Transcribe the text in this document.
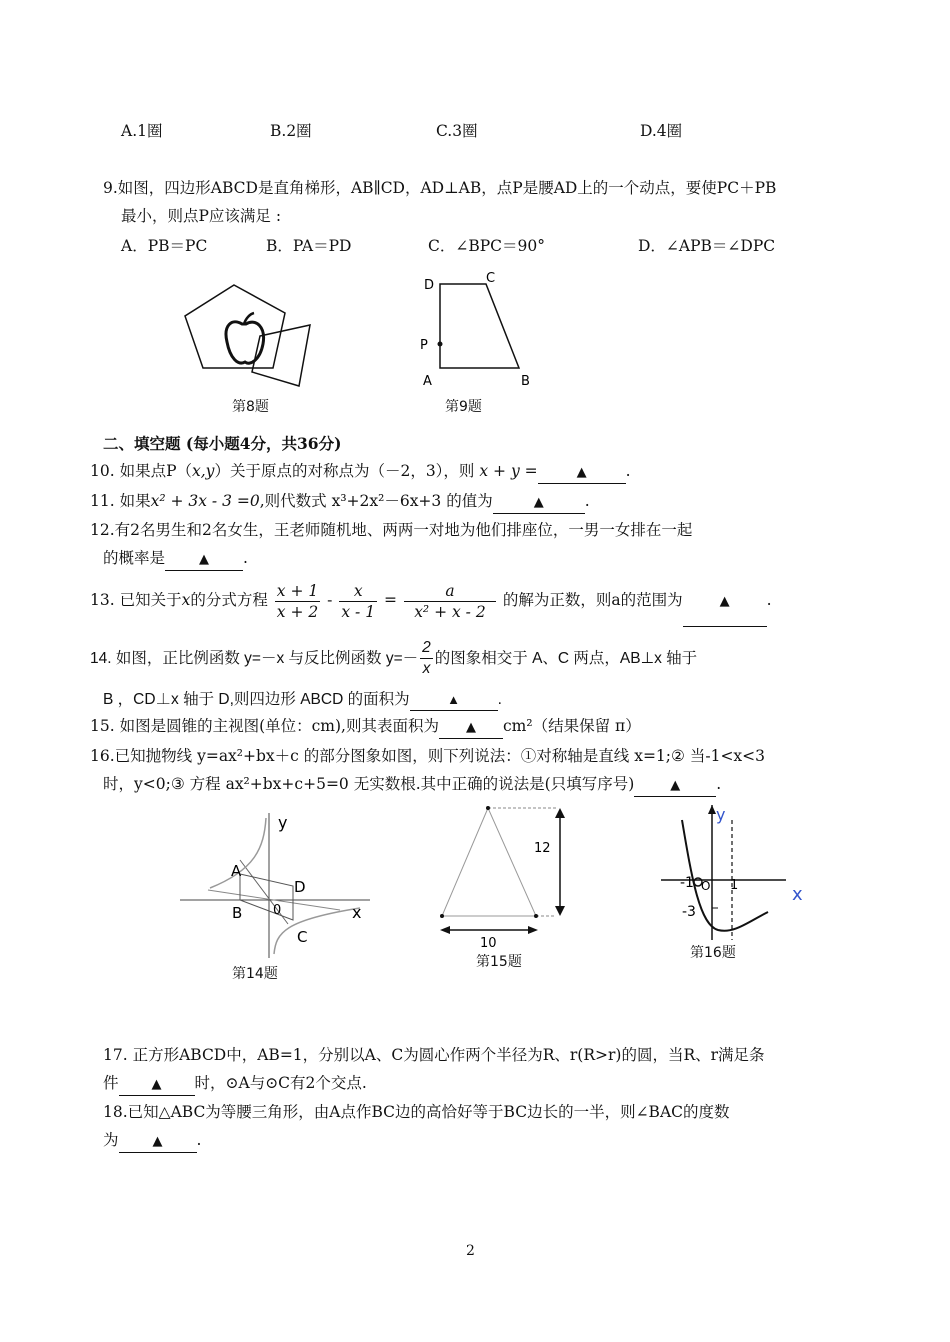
A.1圈	B.2圈	C.3圈	D.4圈
9.如图，四边形ABCD是直角梯形，AB∥CD，AD⊥AB，点P是腰AD上的一个动点，要使PC＋PB
最小，则点P应该满足 :
A．PB＝PC	B．PA＝PD	C．∠BPC＝90°	D．∠APB＝∠DPC
第8题
D	C
P
A	B
第9题
二、填空题 (每小题4分，共36分)
10. 如果点P（x,y）关于原点的对称点为（－2，3），则 x + y =	▲	.
11. 如果x² + 3x - 3 =0,则代数式 x³+2x²－6x+3 的值为	▲	.
12.有2名男生和2名女生，王老师随机地、两两一对地为他们排座位，一男一女排在一起
的概率是	▲ .
13. 已知关于x的分式方程 $\frac{x + 1}{x + 2} - \frac{x}{x - 1} = \frac{a}{\text{x² + x - 2}}$ 的解为正数，则a的范围为	▲ .
14. 如图，正比例函数 y=－x 与反比例函数 $y=- \frac{2}{x}$ 的图象相交于 A、C 两点，AB⊥x 轴于
B ，CD⊥x 轴于 D,则四边形 ABCD 的面积为	▲ .
15. 如图是圆锥的主视图(单位：cm),则其表面积为 ▲ cm²（结果保留 π）
16.已知抛物线 y=ax²+bx＋c 的部分图象如图，则下列说法：①对称轴是直线 x=1;② 当-1<x<3
时，y<0;③ 方程 ax²+bx+c+5=0 无实数根.其中正确的说法是(只填写序号)	▲ .
y
x
A
B
D
C
0
第14题
12
10
第15题
y
x
-1 O 1
-3
第16题
17. 正方形ABCD中，AB=1，分别以A、C为圆心作两个半径为R、r(R>r)的圆，当R、r满足条
件	▲ 时，⊙A与⊙C有2个交点.
18.已知△ABC为等腰三角形，由A点作BC边的高恰好等于BC边长的一半，则∠BAC的度数
为	▲ .
2
